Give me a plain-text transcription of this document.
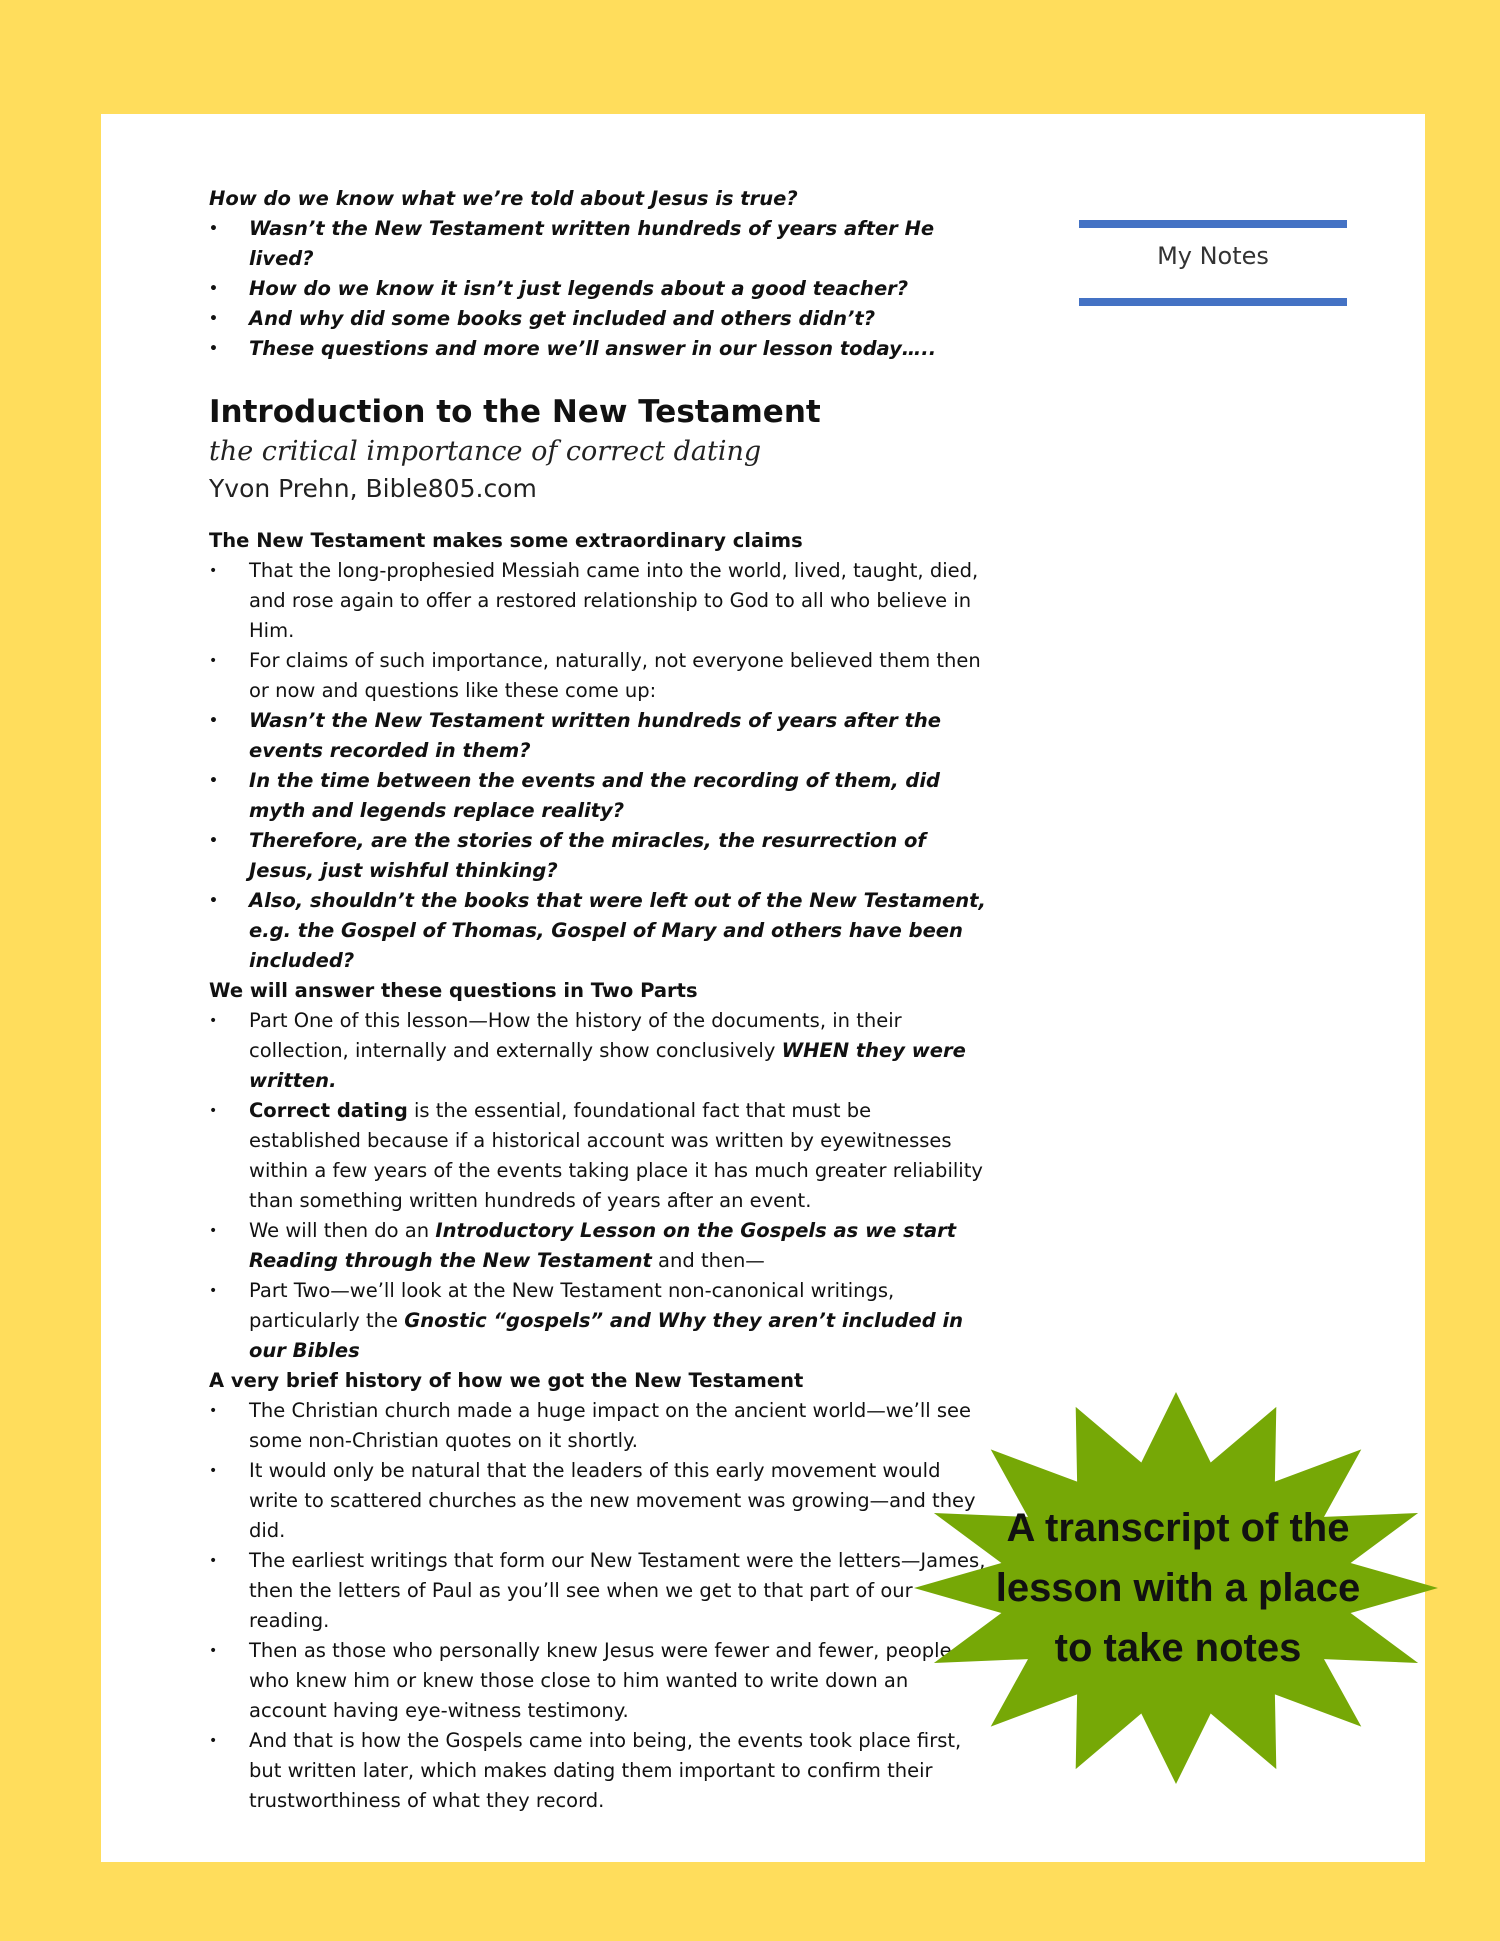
How do we know what we’re told about Jesus is true?

• Wasn’t the New Testament written hundreds of years after He lived?
• How do we know it isn’t just legends about a good teacher?
• And why did some books get included and others didn’t?
• These questions and more we’ll answer in our lesson today…..
Introduction to the New Testament

the critical importance of correct dating

Yvon Prehn, Bible805.com

The New Testament makes some extraordinary claims

• That the long-prophesied Messiah came into the world, lived, taught, died, and rose again to offer a restored relationship to God to all who believe in Him.
• For claims of such importance, naturally, not everyone believed them then or now and questions like these come up:
• Wasn’t the New Testament written hundreds of years after the events recorded in them?
• In the time between the events and the recording of them, did myth and legends replace reality?
• Therefore, are the stories of the miracles, the resurrection of Jesus, just wishful thinking?
• Also, shouldn’t the books that were left out of the New Testament, e.g. the Gospel of Thomas, Gospel of Mary and others have been included?

We will answer these questions in Two Parts

• Part One of this lesson—How the history of the documents, in their collection, internally and externally show conclusively WHEN they were written.
• Correct dating is the essential, foundational fact that must be established because if a historical account was written by eyewitnesses within a few years of the events taking place it has much greater reliability than something written hundreds of years after an event.
• We will then do an Introductory Lesson on the Gospels as we start Reading through the New Testament and then—
• Part Two—we’ll look at the New Testament non-canonical writings, particularly the Gnostic “gospels” and Why they aren’t included in our Bibles

A very brief history of how we got the New Testament

• The Christian church made a huge impact on the ancient world—we’ll see some non-Christian quotes on it shortly.
• It would only be natural that the leaders of this early movement would write to scattered churches as the new movement was growing—and they did.
• The earliest writings that form our New Testament were the letters—James, then the letters of Paul as you’ll see when we get to that part of our reading.
• Then as those who personally knew Jesus were fewer and fewer, people who knew him or knew those close to him wanted to write down an account having eye-witness testimony.
• And that is how the Gospels came into being, the events took place first, but written later, which makes dating them important to confirm their trustworthiness of what they record.
My Notes
A transcript of the
lesson with a place
to take notes
